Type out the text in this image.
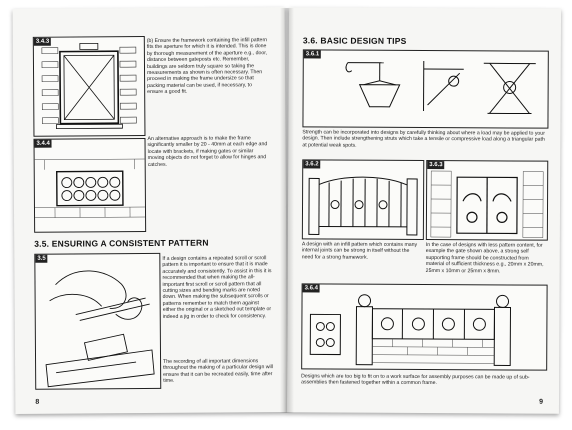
3.4.3
3.4.4
(b) Ensure the framework containing the infill pattern fits the aperture for which it is intended. This is done by thorough measurement of the aperture e.g., door, distance between gateposts etc. Remember, buildings are seldom truly square so taking the measurements as shown is often necessary. Then proceed in making the frame undersize so that packing material can be used, if necessary, to ensure a good fit.
An alternative approach is to make the frame significantly smaller by 20 - 40mm at each edge and locate with brackets, if making gates or similar moving objects do not forget to allow for hinges and catches.
3.5. ENSURING A CONSISTENT PATTERN
3.5	If a design contains a repeated scroll or scroll pattern it is important to ensure that it is made accurately and consistently. To assist in this it is recommended that when making the all-important first scroll or scroll pattern that all cutting sizes and bending marks are noted down. When making the subsequent scrolls or patterns remember to match them against either the original or a sketched out template or indeed a jig in order to check for consistency.
The recording of all important dimensions throughout the making of a particular design will ensure that it can be recreated easily, time after time.
8
3.6. BASIC DESIGN TIPS
3.6.1
Strength can be incorporated into designs by carefully thinking about where a load may be applied to your design. Then include strengthening struts which take a tensile or compressive load along a triangular path at potential weak spots.
3.6.2	3.6.3
A design with an infill pattern which contains many internal joints can be strong in itself without the need for a strong framework.
In the case of designs with less pattern content, for example the gate shown above, a strong self supporting frame should be constructed from material of sufficient thickness e.g., 20mm x 20mm, 25mm x 10mm or 25mm x 8mm.
3.6.4
Designs which are too big to fit on to a work surface for assembly purposes can be made up of sub-assemblies then fastened together within a common frame.
9
